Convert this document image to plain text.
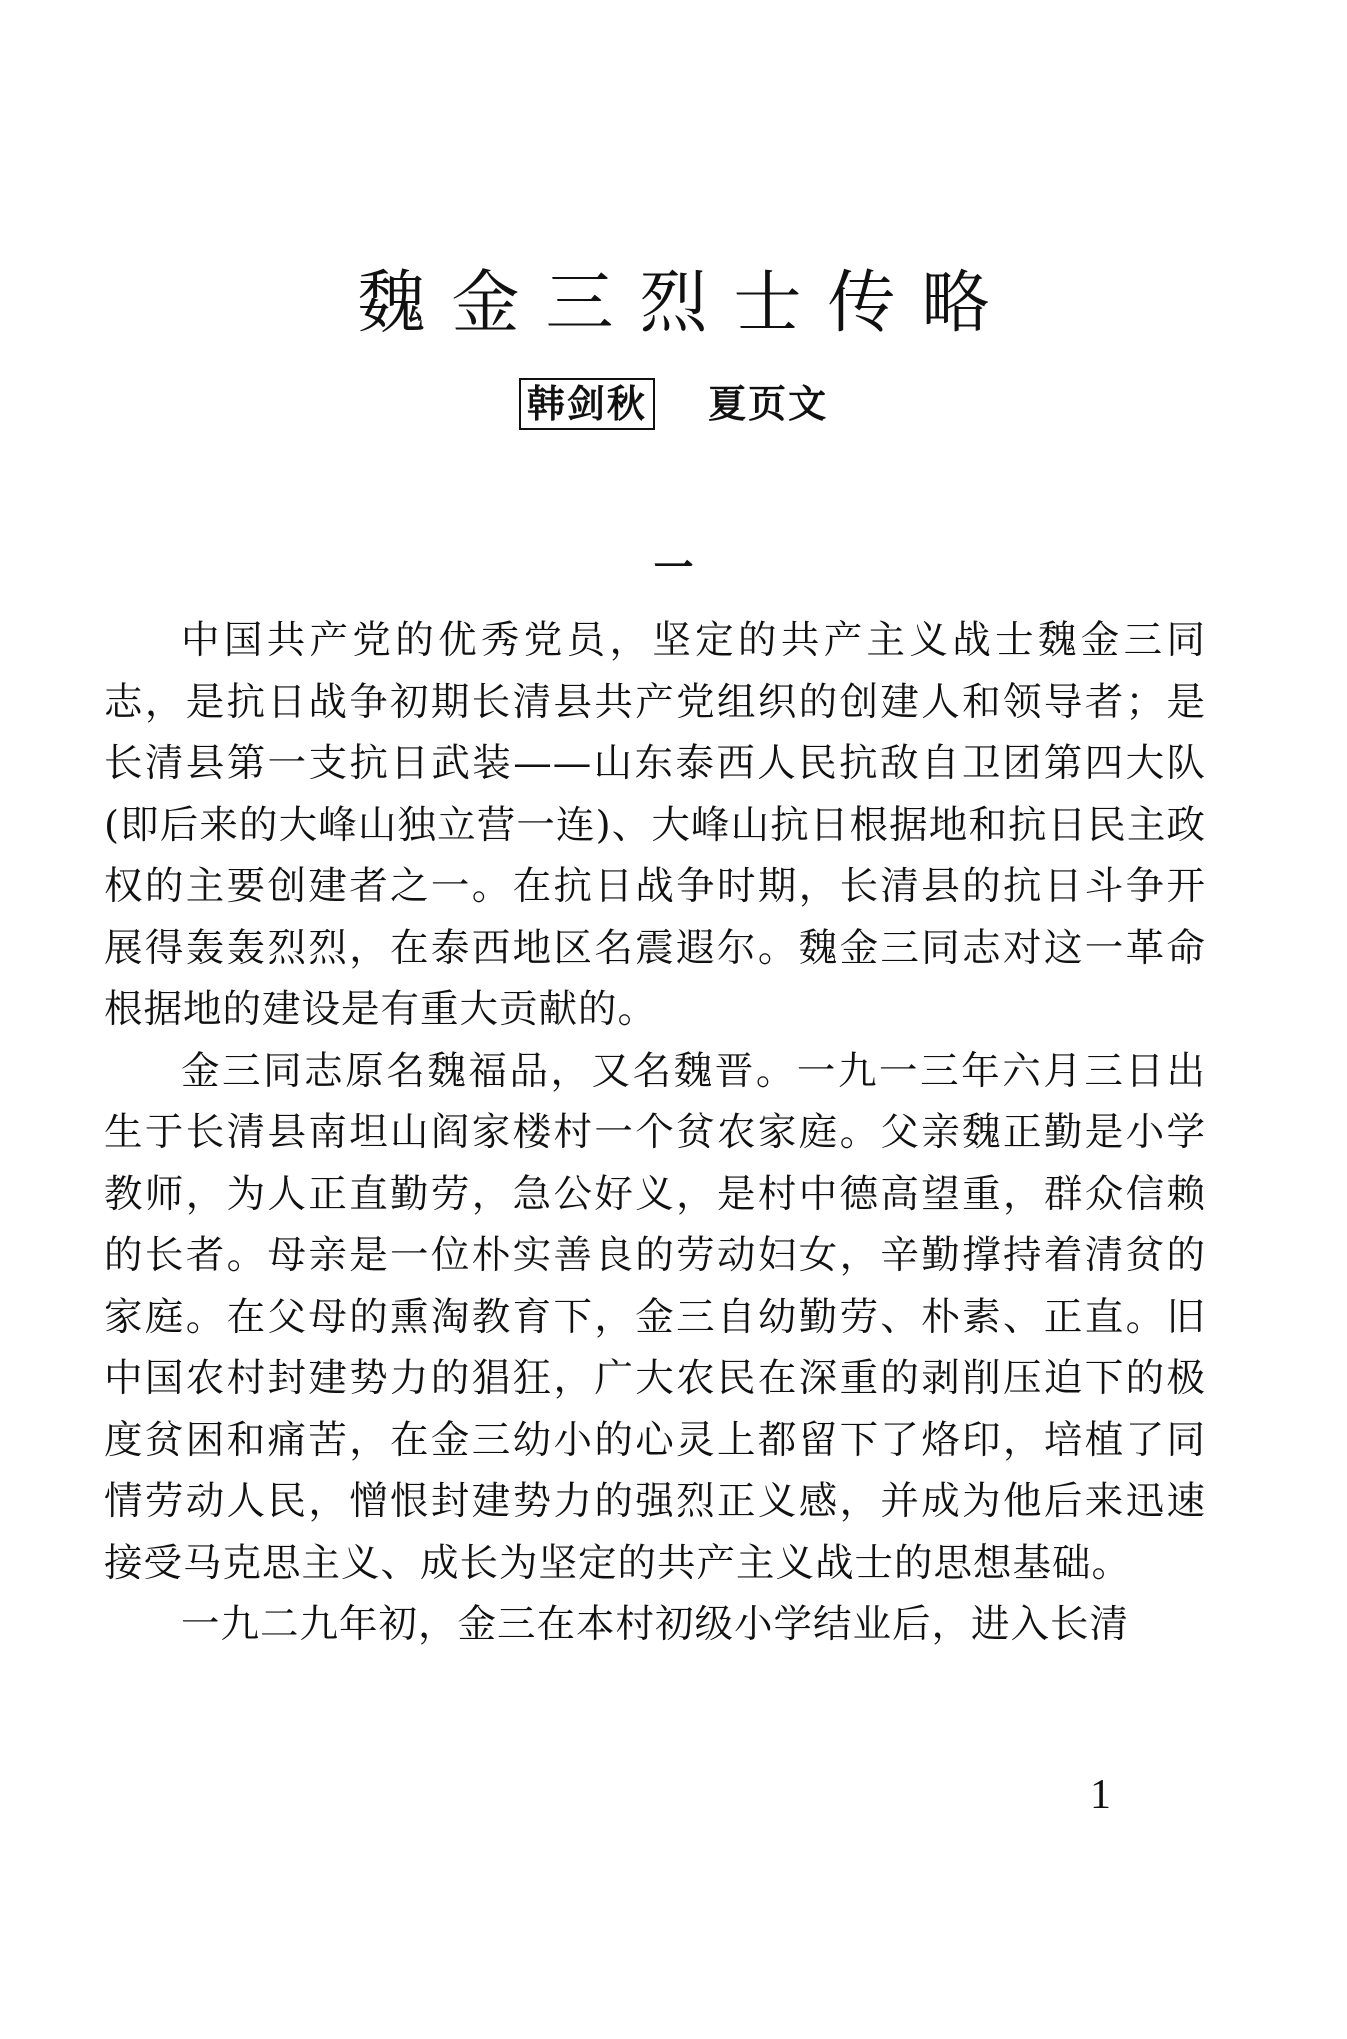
魏金三烈士传略
韩剑秋 夏页文
一

中国共产党的优秀党员，坚定的共产主义战士魏金三同志，是抗日战争初期长清县共产党组织的创建人和领导者；是长清县第一支抗日武装——山东泰西人民抗敌自卫团第四大队(即后来的大峰山独立营一连)、大峰山抗日根据地和抗日民主政权的主要创建者之一。在抗日战争时期，长清县的抗日斗争开展得轰轰烈烈，在泰西地区名震遐尔。魏金三同志对这一革命根据地的建设是有重大贡献的。

金三同志原名魏福品，又名魏晋。一九一三年六月三日出生于长清县南坦山阎家楼村一个贫农家庭。父亲魏正勤是小学教师，为人正直勤劳，急公好义，是村中德高望重，群众信赖的长者。母亲是一位朴实善良的劳动妇女，辛勤撑持着清贫的家庭。在父母的熏淘教育下，金三自幼勤劳、朴素、正直。旧中国农村封建势力的猖狂，广大农民在深重的剥削压迫下的极度贫困和痛苦，在金三幼小的心灵上都留下了烙印，培植了同情劳动人民，憎恨封建势力的强烈正义感，并成为他后来迅速接受马克思主义、成长为坚定的共产主义战士的思想基础。

一九二九年初，金三在本村初级小学结业后，进入长清

1
